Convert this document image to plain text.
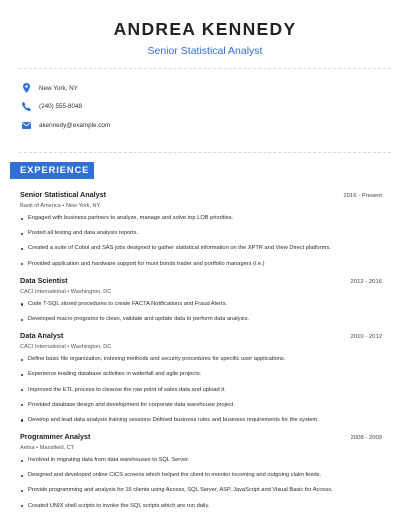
ANDREA KENNEDY
Senior Statistical Analyst
New York, NY
(240) 555-8048
akennedy@example.com
EXPERIENCE
Senior Statistical Analyst	2016 - Present
Bank of America • New York, NY
Engaged with business partners to analyze, manage and solve top LOB priorities.
Posted all testing and data analysis reports.
Created a suite of Cobol and SAS jobs designed to gather statistical information on the XPTR and View Direct platforms.
Provided application and hardware support for muni bonds trader and portfolio managers (i.e.)
Data Scientist	2012 - 2016
CACI International • Washington, DC
Code T-SQL stored procedures to create FACTA Notifications and Fraud Alerts.
Developed macro programs to clean, validate and update data to perform data analysis.
Data Analyst	2010 - 2012
CACI International • Washington, DC
Define basic file organization, indexing methods and security procedures for specific user applications.
Experience leading database activities in waterfall and agile projects.
Improved the ETL process to cleanse the raw point of sales data and upload it.
Provided database design and development for corporate data warehouse project.
Develop and lead data analysis training sessions Defined business rules and business requirements for the system.
Programmer Analyst	2008 - 2009
Aetna • Mansfield, CT
Involved in migrating data from data warehouses to SQL Server.
Designed and developed online CICS screens which helped the client to monitor incoming and outgoing claim feeds.
Provide programming and analysis for 16 clients using Access, SQL Server, ASP, JavaScript and Visual Basic for Access.
Created UNIX shell scripts to invoke the SQL scripts which are run daily.
